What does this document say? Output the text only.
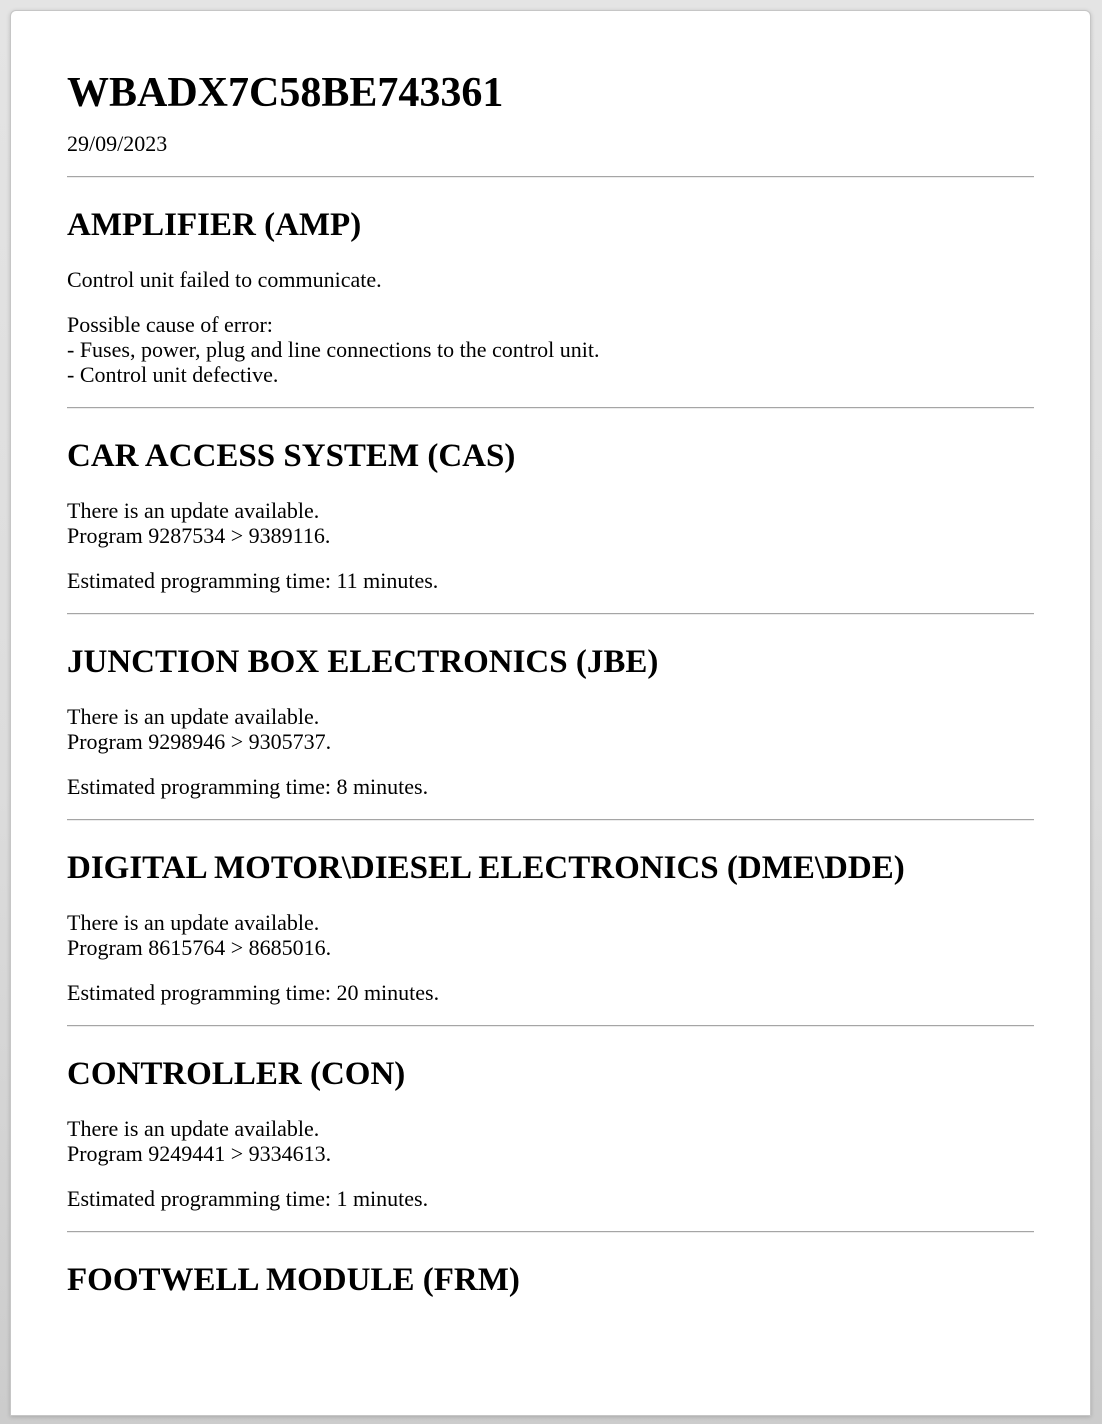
WBADX7C58BE743361

29/09/2023

AMPLIFIER (AMP)

Control unit failed to communicate.

Possible cause of error:
- Fuses, power, plug and line connections to the control unit.
- Control unit defective.

CAR ACCESS SYSTEM (CAS)

There is an update available.
Program 9287534 > 9389116.

Estimated programming time: 11 minutes.

JUNCTION BOX ELECTRONICS (JBE)

There is an update available.
Program 9298946 > 9305737.

Estimated programming time: 8 minutes.

DIGITAL MOTOR\DIESEL ELECTRONICS (DME\DDE)

There is an update available.
Program 8615764 > 8685016.

Estimated programming time: 20 minutes.

CONTROLLER (CON)

There is an update available.
Program 9249441 > 9334613.

Estimated programming time: 1 minutes.

FOOTWELL MODULE (FRM)
